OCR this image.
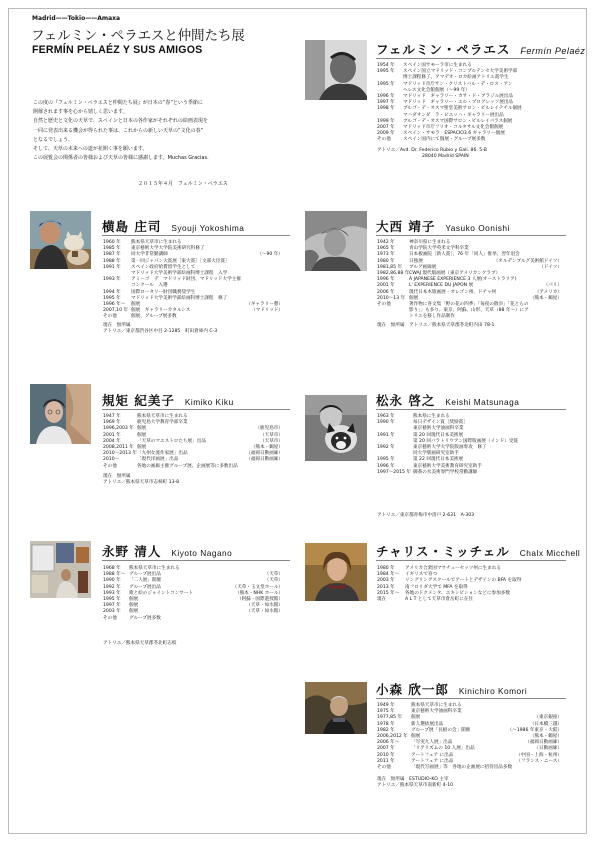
Madrid——Tokio——Amaxa
フェルミン・ペラエスと仲間たち展
FERMÍN PELAÉZ Y SUS AMIGOS
この度の『フェルミン・ペラエスと仲間たち展』が日本の“春”という季節に
開催されます事を心から嬉しく思います。
自然と歴史と文化の天草で、スペインと日本の各作家がそれぞれの絵画表現を
一同に発表出来る機会が得られた事は、これからの新しい天草の“文化の春”
となるでしょう。
そして、天草の未来への道が花開く事を願います。
この展覧会の関係者の皆様および天草の皆様に感謝します。Muchas Gracias.
２０１５年４月　フェルミン・ペラエス
フェルミン・ペラエス Fermín Pelaéz
1954 年	スペイン国サモーラ市に生まれる
1995 年	スペイン国立マドリッド・コンプルテンセ大学美術学部
博士課程修了。アマデオ・ロカ絵画アトリエ賞学生
1995 年	マドリッド市庁サン・クリストバル・デ・ロス・アン
ヘレス文化会館個展（〜99 年）
1996 年	マドリッド　ギャラリー・カサ・ド・ブラジル展出品
1997 年	マドリッド　ギャラリー・エル・プログレッソ展出品
1998 年	ブルゴ・デ・オスマ聖堂美術サロン・ビルレイテチル個展
マハダオンダ　ラ・ピエッハ・ギャラリー展出品
1999 年	ブルゴ・デ・オスマ国際サロン・ビルレイパラス個展
2007 年	マドリッド市庁フリオ・コルタサル文化会館個展
2009 年	スペイン・サモラ　ESPACIO3.6 ギャラリー個展
その他	スペイン国内にて個展・グループ展多数
アトリエ／Avd. Dr. Federico Rubio y Galí. 86. 5-B
28040 Madrid SPAIN
横島 庄司 Syouji Yokoshima
1960 年	熊本県天草市に生まれる
1985 年	東京藝術大学大学院美術研究科修了
1987 年	同大学非常勤講師	（〜90 年）
1988 年	第一回ジャパン大賞展［東大賞］［文部大臣賞］
1991 年	スペイン政府給費留学生として
マドリッド大学美術学部絵画科博士課程　入学
1993 年	アミーゴ　デ　マドリッド財団、マドリッド大学主催
コンクール　入選
1994 年	国際ロータリー財団職務奨学生
1995 年	マドリッド大学美術学部絵画科博士課程　修了
1996 年〜	個展	（ギャラリー憩）
2007,10 年 個展　ギャラリーカタルシス	（マドリッド）
その他	個展、グループ展多数
現在　無所属
アトリエ／東京都渋谷区中目 2-1285　町田倉庫内 C-3
大西 靖子 Yasuko Oonishi
1942 年	神奈川県に生まれる
1965 年	青山学院大学英米文学科卒業
1973 年	日本板画院［新人賞］、76 年「同人」推挙、翌年退会
1980 年	日独展	（オルデンブルグ美術館ドイツ）
1981,85 年	ブルグ画廊展	（ドイツ）
1982,86,88 年 CWAJ 現代版画展（東京アメリカンクラブ）
1996 年	A JAPANESE EXPERIENCE 3 人展(オーストラリア)
2001 年	L' EXPERIENCE DU JAPON 展	（パリ）
2006 年	現代日本木版画展・オレゴン州、ドチャ州	（アメリカ）
2010〜13 年 個展	（熊本・鶴屋）
その他	著作物に喜文集「野の花の四季」「毎夜の散歩」「花とらの
影り」」も多り。東京、阿蘇、山形、天草（88 年〜）にア
トリエを移し作品制作
現在　無所属　アトリエ／熊本県天草郡苓北町内田 78-1
規矩 紀美子 Kimiko Kiku
1947 年	熊本県天草市に生まれる
1969 年	鹿児島大学教育学部卒業
1996,2003 年 個展	（鹿児島市）
2001 年	個展	（天草市）
2004 年	「天草のマエストロたち展」出品	（天草市）
2008,2011 年 個展	（熊本・鶴屋）
2010〜2013 年 「九州女流作家展」出品	（福岡日動画廊）
2010〜	「現代洋画展」出品	（福岡日動画廊）
その他	各地の画廊主催グループ展、企画展等に多数出品
現在　無所属
アトリエ／熊本県天草市志柿町 13-8
松永 啓之 Keishi Matsunaga
1963 年	熊本県に生まれる
1990 年	毎日デザイン賞［奨励賞］
東京藝術大学油画科卒業
1991 年	第 20 回現代日本美術展
第 20 回バラトリウアン国際版画展（インド）受賞
1992 年	東京藝術大学大学院版画専攻　修了
同大学版画研究室助手
1995 年	第 22 回現代日本美術展
1996 年	東京藝術大学美術教育研究室助手
1997〜2015 年 御茶の水美術専門学校常勤講師
アトリエ／東京都青梅市中清戸 2-631　A-303
永野 清人 Kiyoto Nagano
1968 年	熊本県天草市に生まれる
1988 年〜 グループ展出品	（天草）
1990 年	「二人展」開催	（天草）
1992 年	グループ展出品	（天草・玉文堂ホール）
1993 年	歌と絵のジョイントコンサート	（熊本・NHK ホール）
1995 年	個展	（阿蘇・国際遊授館）
1997 年	個展	（天草・如水館）
2003 年	個展	（天草・如水館）
その他	グループ展多数
アトリエ／熊本県天草郡苓北町志岐
チャリス・ミッチェル Chalx Micchell
1980 年	アメリカ合衆国マサチューセッツ州に生まれる
1984 年〜	イギリスで育つ
2003 年	リングリングスクールでアートとデザインの BFA を取得
2013 年	南フロリダ大学で MFA を取得
2015 年〜	各地のドクメンタ、エキシビションなどに参加多数
現在	A L T として天草市倉岳町に在住
小森 欣一郎 Kinichiro Komori
1949 年	熊本県天草市に生まれる
1975 年	東京藝術大学油画科卒業
1977,85 年	個展	（東京銀座）
1978 年	新人選抜展出品	（日本橋三越）
1982 年	グループ展「長板の会」開催	（〜1986 年東京・大阪）
2006,2012 年 個展	（熊本・鶴屋）
2006 年〜	「写実九人展」出品	（福岡日動画廊）
2007 年	「リアリズムの 10 人展」出品	（日動画廊）
2010 年	アートフェア に出品	（中国・上海・杭州）
2011 年	アートフェア に出品	（フランス・ニース）
その他	「現代写画展」等　各地の企画展に招待出品多数
現在　無所属　ESTUDIO-KO 主宰
アトリエ／熊本県天草市南新町 4-10
